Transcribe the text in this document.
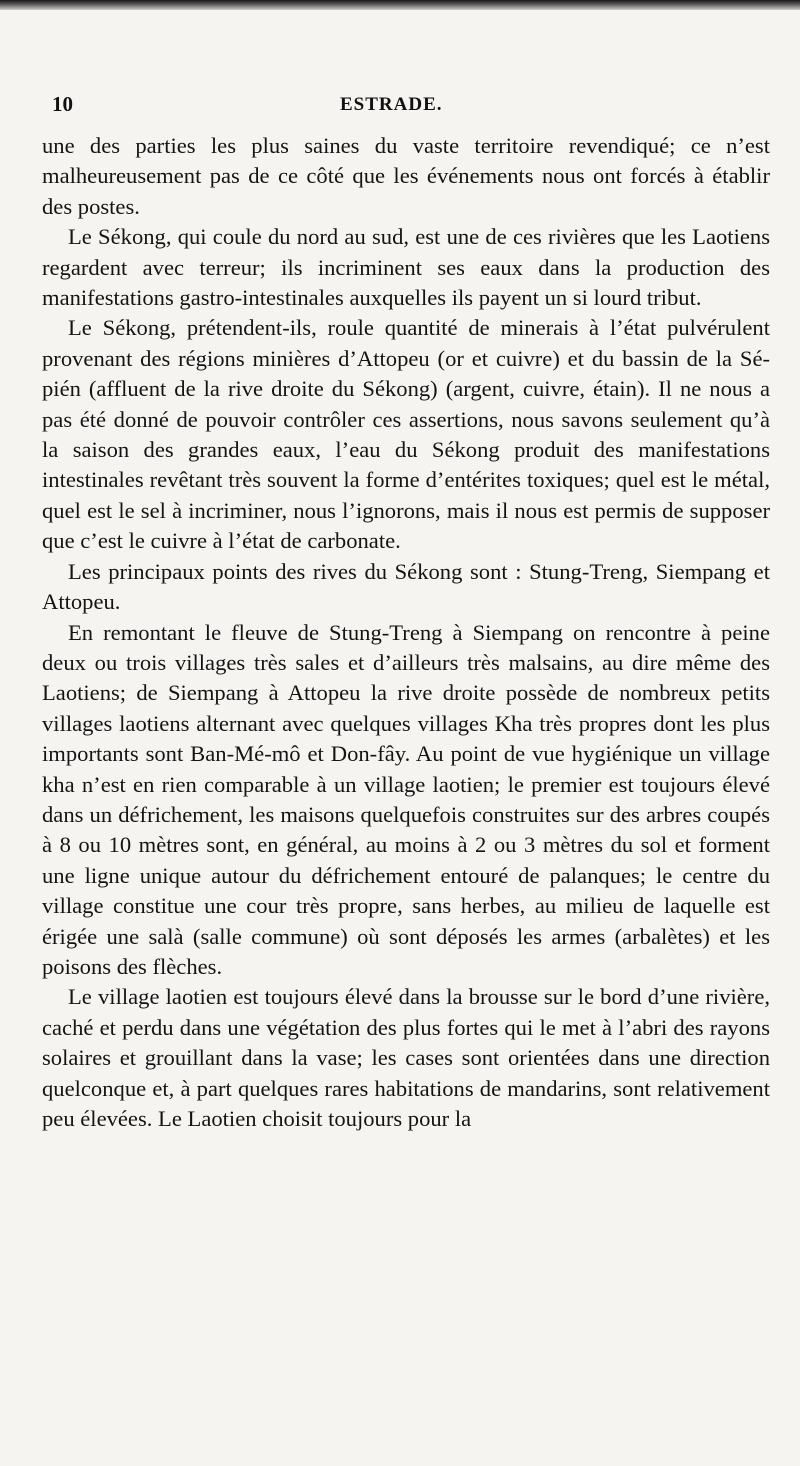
10	ESTRADE.

une des parties les plus saines du vaste territoire revendiqué; ce n’est malheureusement pas de ce côté que les événements nous ont forcés à établir des postes.

Le Sékong, qui coule du nord au sud, est une de ces rivières que les Laotiens regardent avec terreur; ils incriminent ses eaux dans la production des manifestations gastro-intestinales auxquelles ils payent un si lourd tribut.

Le Sékong, prétendent-ils, roule quantité de minerais à l’état pulvérulent provenant des régions minières d’Attopeu (or et cuivre) et du bassin de la Sé-pién (affluent de la rive droite du Sékong) (argent, cuivre, étain). Il ne nous a pas été donné de pouvoir contrôler ces assertions, nous savons seulement qu’à la saison des grandes eaux, l’eau du Sékong produit des manifestations intestinales revêtant très souvent la forme d’entérites toxiques; quel est le métal, quel est le sel à incriminer, nous l’ignorons, mais il nous est permis de supposer que c’est le cuivre à l’état de carbonate.

Les principaux points des rives du Sékong sont : Stung-Treng, Siempang et Attopeu.

En remontant le fleuve de Stung-Treng à Siempang on rencontre à peine deux ou trois villages très sales et d’ailleurs très malsains, au dire même des Laotiens; de Siempang à Attopeu la rive droite possède de nombreux petits villages laotiens alternant avec quelques villages Kha très propres dont les plus importants sont Ban-Mé-mô et Don-fây. Au point de vue hygiénique un village kha n’est en rien comparable à un village laotien; le premier est toujours élevé dans un défrichement, les maisons quelquefois construites sur des arbres coupés à 8 ou 10 mètres sont, en général, au moins à 2 ou 3 mètres du sol et forment une ligne unique autour du défrichement entouré de palanques; le centre du village constitue une cour très propre, sans herbes, au milieu de laquelle est érigée une salà (salle commune) où sont déposés les armes (arbalètes) et les poisons des flèches.

Le village laotien est toujours élevé dans la brousse sur le bord d’une rivière, caché et perdu dans une végétation des plus fortes qui le met à l’abri des rayons solaires et grouillant dans la vase; les cases sont orientées dans une direction quelconque et, à part quelques rares habitations de mandarins, sont relativement peu élevées. Le Laotien choisit toujours pour la
